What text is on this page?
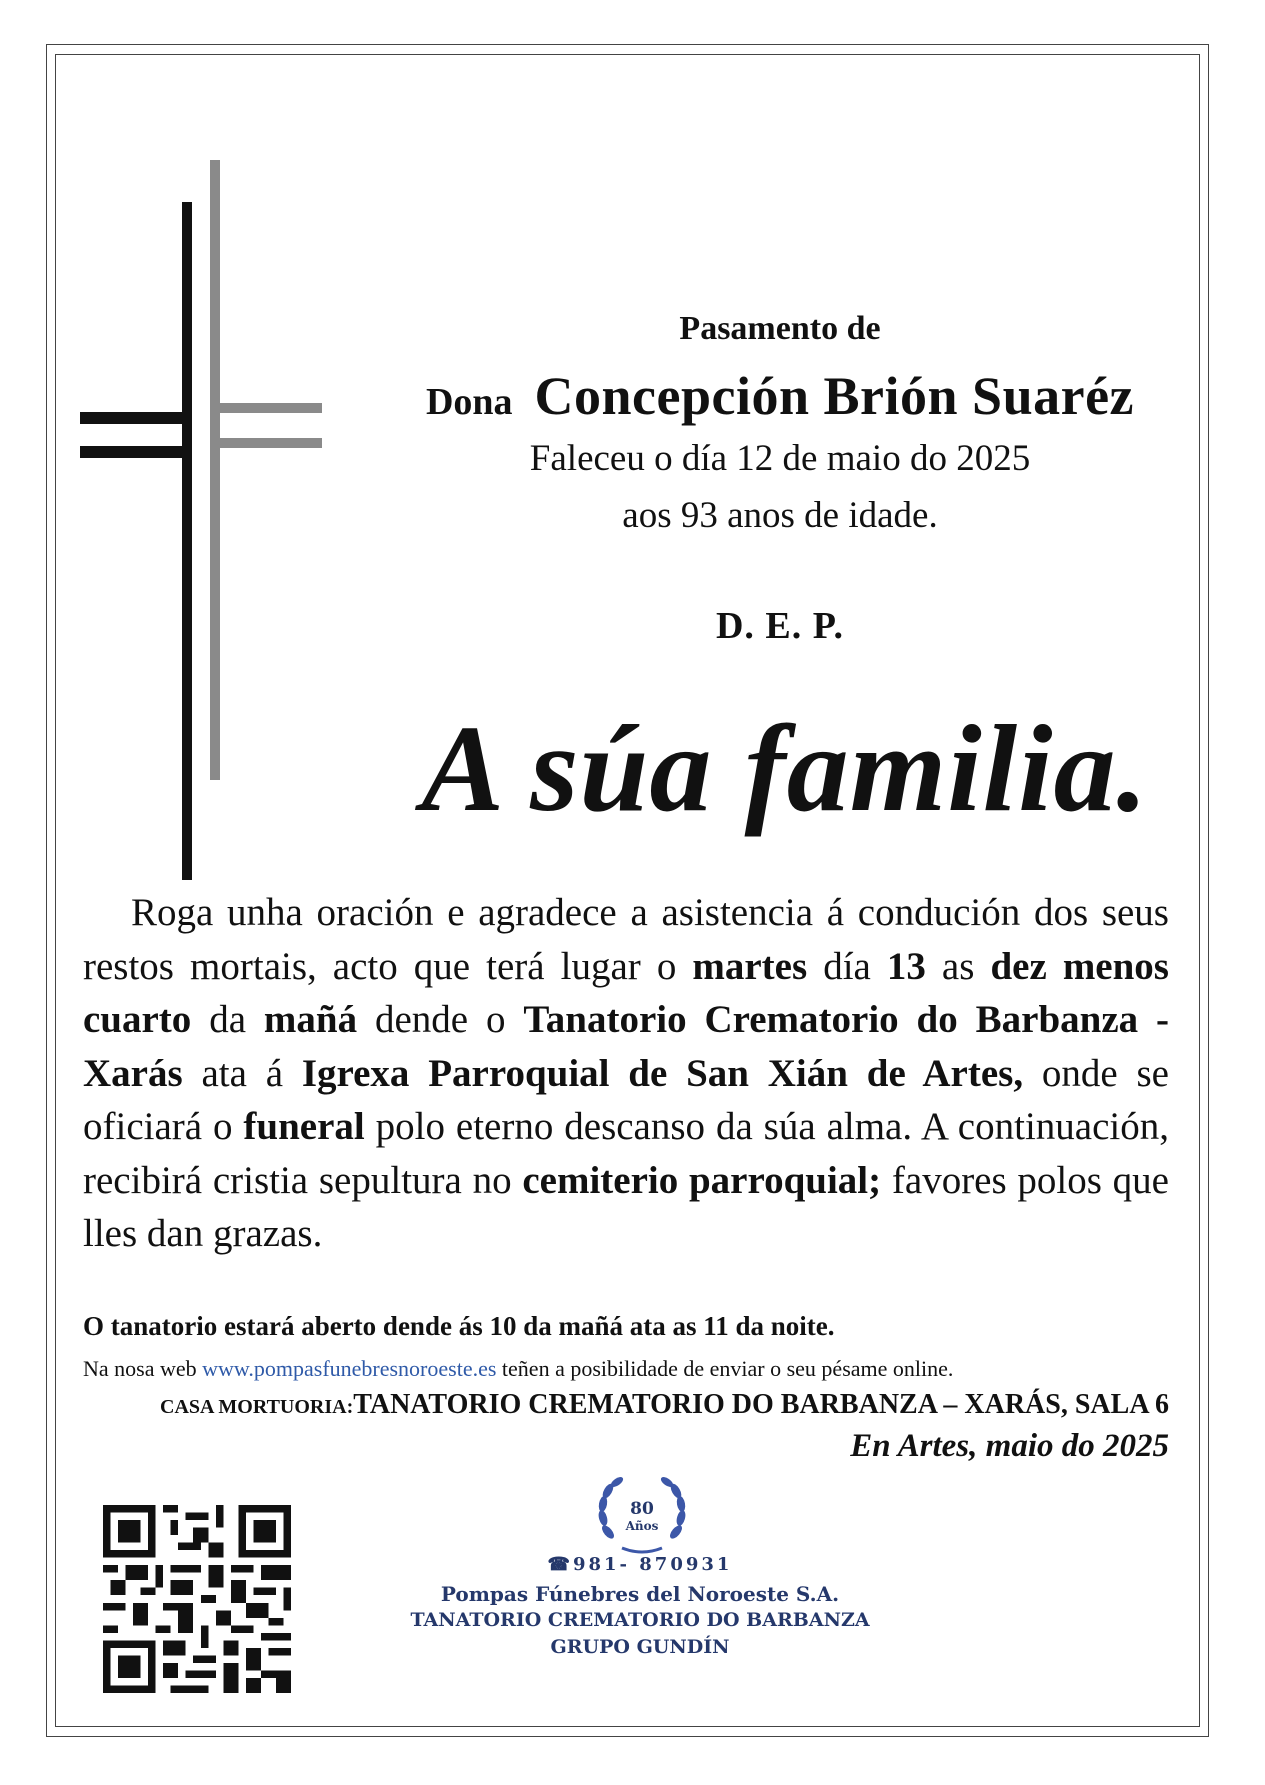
Pasamento de
Dona Concepción Brión Suaréz
Faleceu o día 12 de maio do 2025
aos 93 anos de idade.
D. E. P.
A súa familia.
Roga unha oración e agradece a asistencia á condución dos seus restos mortais, acto que terá lugar o martes día 13 as dez menos cuarto da mañá dende o Tanatorio Crematorio do Barbanza - Xarás ata á Igrexa Parroquial de San Xián de Artes, onde se oficiará o funeral polo eterno descanso da súa alma. A continuación, recibirá cristia sepultura no cemiterio parroquial; favores polos que lles dan grazas.
O tanatorio estará aberto dende ás 10 da mañá ata as 11 da noite.
Na nosa web www.pompasfunebresnoroeste.es teñen a posibilidade de enviar o seu pésame online.
CASA MORTUORIA:TANATORIO CREMATORIO DO BARBANZA – XARÁS, SALA 6
En Artes, maio do 2025
80
Años
☎981- 870931
Pompas Fúnebres del Noroeste S.A.
TANATORIO CREMATORIO DO BARBANZA
GRUPO GUNDÍN
